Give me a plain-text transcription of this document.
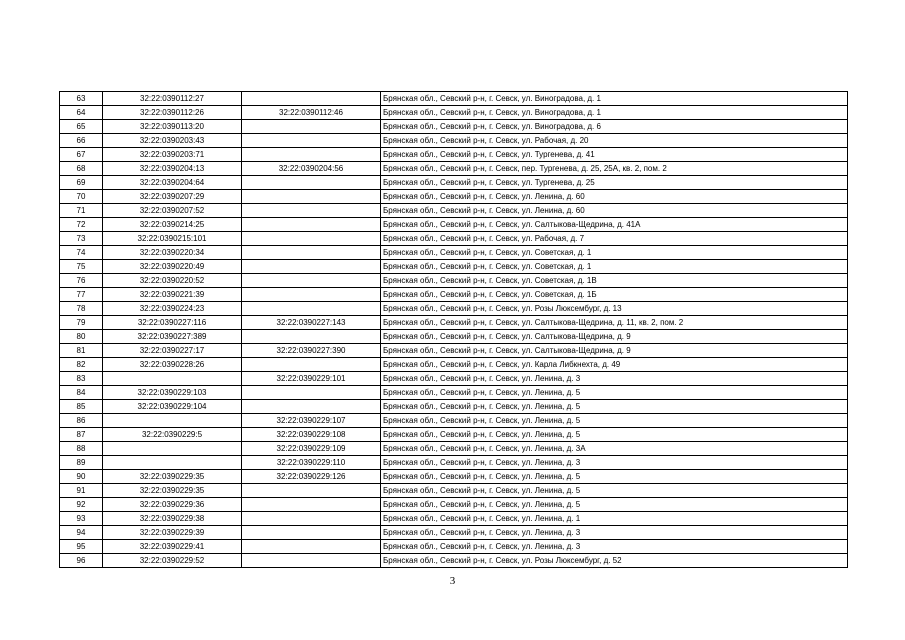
63	32:22:0390112:27		Брянская обл., Севский р-н, г. Севск, ул. Виноградова, д. 1
64	32:22:0390112:26	32:22:0390112:46	Брянская обл., Севский р-н, г. Севск, ул. Виноградова, д. 1
65	32:22:0390113:20		Брянская обл., Севский р-н, г. Севск, ул. Виноградова, д. 6
66	32:22:0390203:43		Брянская обл., Севский р-н, г. Севск, ул. Рабочая, д. 20
67	32:22:0390203:71		Брянская обл., Севский р-н, г. Севск, ул. Тургенева, д. 41
68	32:22:0390204:13	32:22:0390204:56	Брянская обл., Севский р-н, г. Севск, пер. Тургенева, д. 25, 25А, кв. 2, пом. 2
69	32:22:0390204:64		Брянская обл., Севский р-н, г. Севск, ул. Тургенева, д. 25
70	32:22:0390207:29		Брянская обл., Севский р-н, г. Севск, ул. Ленина, д. 60
71	32:22:0390207:52		Брянская обл., Севский р-н, г. Севск, ул. Ленина, д. 60
72	32:22:0390214:25		Брянская обл., Севский р-н, г. Севск, ул. Салтыкова-Щедрина, д. 41А
73	32:22:0390215:101		Брянская обл., Севский р-н, г. Севск, ул. Рабочая, д. 7
74	32:22:0390220:34		Брянская обл., Севский р-н, г. Севск, ул. Советская, д. 1
75	32:22:0390220:49		Брянская обл., Севский р-н, г. Севск, ул. Советская, д. 1
76	32:22:0390220:52		Брянская обл., Севский р-н, г. Севск, ул. Советская, д. 1В
77	32:22:0390221:39		Брянская обл., Севский р-н, г. Севск, ул. Советская, д. 1Б
78	32:22:0390224:23		Брянская обл., Севский р-н, г. Севск, ул. Розы Люксембург, д. 13
79	32:22:0390227:116	32:22:0390227:143	Брянская обл., Севский р-н, г. Севск, ул. Салтыкова-Щедрина, д. 11, кв. 2, пом. 2
80	32:22:0390227:389		Брянская обл., Севский р-н, г. Севск, ул. Салтыкова-Щедрина, д. 9
81	32:22:0390227:17	32:22:0390227:390	Брянская обл., Севский р-н, г. Севск, ул. Салтыкова-Щедрина, д. 9
82	32:22:0390228:26		Брянская обл., Севский р-н, г. Севск, ул. Карла Либкнехта, д. 49
83		32:22:0390229:101	Брянская обл., Севский р-н, г. Севск, ул. Ленина, д. 3
84	32:22:0390229:103		Брянская обл., Севский р-н, г. Севск, ул. Ленина, д. 5
85	32:22:0390229:104		Брянская обл., Севский р-н, г. Севск, ул. Ленина, д. 5
86		32:22:0390229:107	Брянская обл., Севский р-н, г. Севск, ул. Ленина, д. 5
87	32:22:0390229:5	32:22:0390229:108	Брянская обл., Севский р-н, г. Севск, ул. Ленина, д. 5
88		32:22:0390229:109	Брянская обл., Севский р-н, г. Севск, ул. Ленина, д. 3А
89		32:22:0390229:110	Брянская обл., Севский р-н, г. Севск, ул. Ленина, д. 3
90	32:22:0390229:35	32:22:0390229:126	Брянская обл., Севский р-н, г. Севск, ул. Ленина, д. 5
91	32:22:0390229:35		Брянская обл., Севский р-н, г. Севск, ул. Ленина, д. 5
92	32:22:0390229:36		Брянская обл., Севский р-н, г. Севск, ул. Ленина, д. 5
93	32:22:0390229:38		Брянская обл., Севский р-н, г. Севск, ул. Ленина, д. 1
94	32:22:0390229:39		Брянская обл., Севский р-н, г. Севск, ул. Ленина, д. 3
95	32:22:0390229:41		Брянская обл., Севский р-н, г. Севск, ул. Ленина, д. 3
96	32:22:0390229:52		Брянская обл., Севский р-н, г. Севск, ул. Розы Люксембург, д. 52
3
